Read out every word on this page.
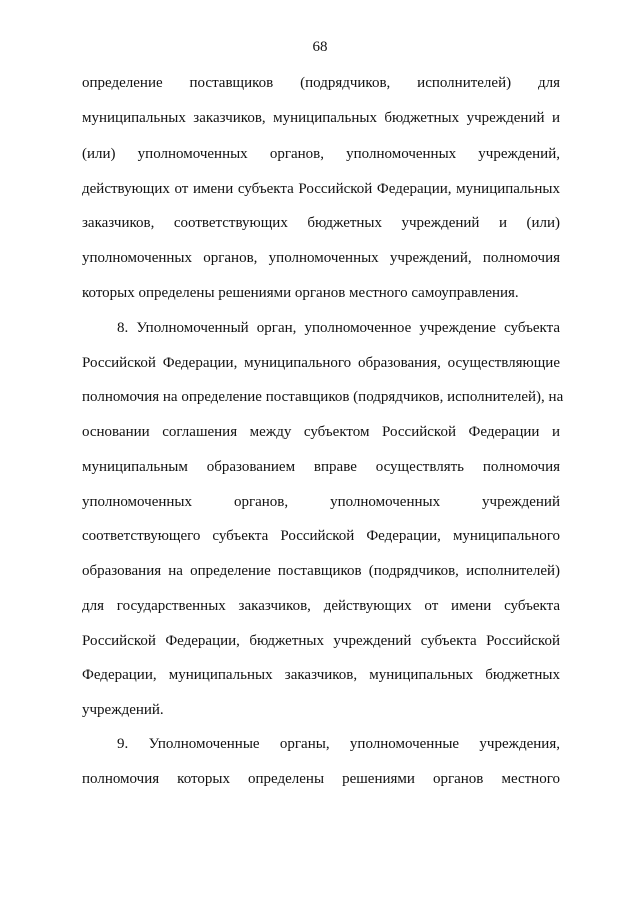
68
определение поставщиков (подрядчиков, исполнителей) для
муниципальных заказчиков, муниципальных бюджетных учреждений и
(или) уполномоченных органов, уполномоченных учреждений,
действующих от имени субъекта Российской Федерации, муниципальных
заказчиков, соответствующих бюджетных учреждений и (или)
уполномоченных органов, уполномоченных учреждений, полномочия
которых определены решениями органов местного самоуправления.
8. Уполномоченный орган, уполномоченное учреждение субъекта
Российской Федерации, муниципального образования, осуществляющие
полномочия на определение поставщиков (подрядчиков, исполнителей), на
основании соглашения между субъектом Российской Федерации и
муниципальным образованием вправе осуществлять полномочия
уполномоченных органов, уполномоченных учреждений
соответствующего субъекта Российской Федерации, муниципального
образования на определение поставщиков (подрядчиков, исполнителей)
для государственных заказчиков, действующих от имени субъекта
Российской Федерации, бюджетных учреждений субъекта Российской
Федерации, муниципальных заказчиков, муниципальных бюджетных
учреждений.
9. Уполномоченные органы, уполномоченные учреждения,
полномочия которых определены решениями органов местного
